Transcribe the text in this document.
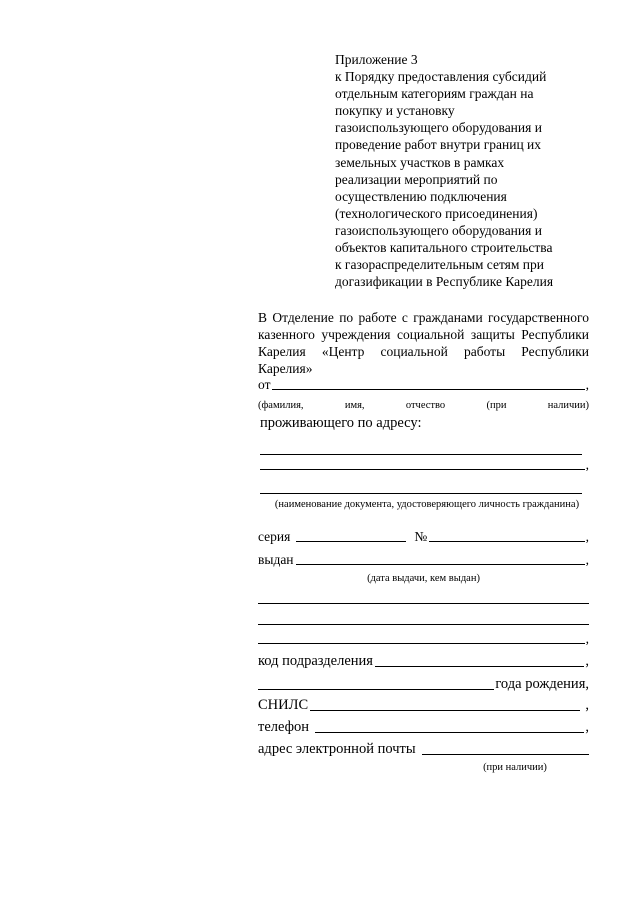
Приложение 3
к Порядку предоставления субсидий
отдельным категориям граждан на
покупку и установку
газоиспользующего оборудования и
проведение работ внутри границ их
земельных участков в рамках
реализации мероприятий по
осуществлению подключения
(технологического присоединения)
газоиспользующего оборудования и
объектов капитального строительства
к газораспределительным сетям при
догазификации в Республике Карелия
В Отделение по работе с гражданами государственного казенного учреждения социальной защиты Республики Карелия «Центр социальной работы Республики Карелия»
от	,
(фамилия,	имя,	отчество	(при	наличии)
проживающего по адресу:
,
(наименование документа, удостоверяющего личность гражданина)
серия	№	,
выдан	,
(дата выдачи, кем выдан)
,
код подразделения	,
года рождения,
СНИЛС	,
телефон	,
адрес электронной почты
(при наличии)
